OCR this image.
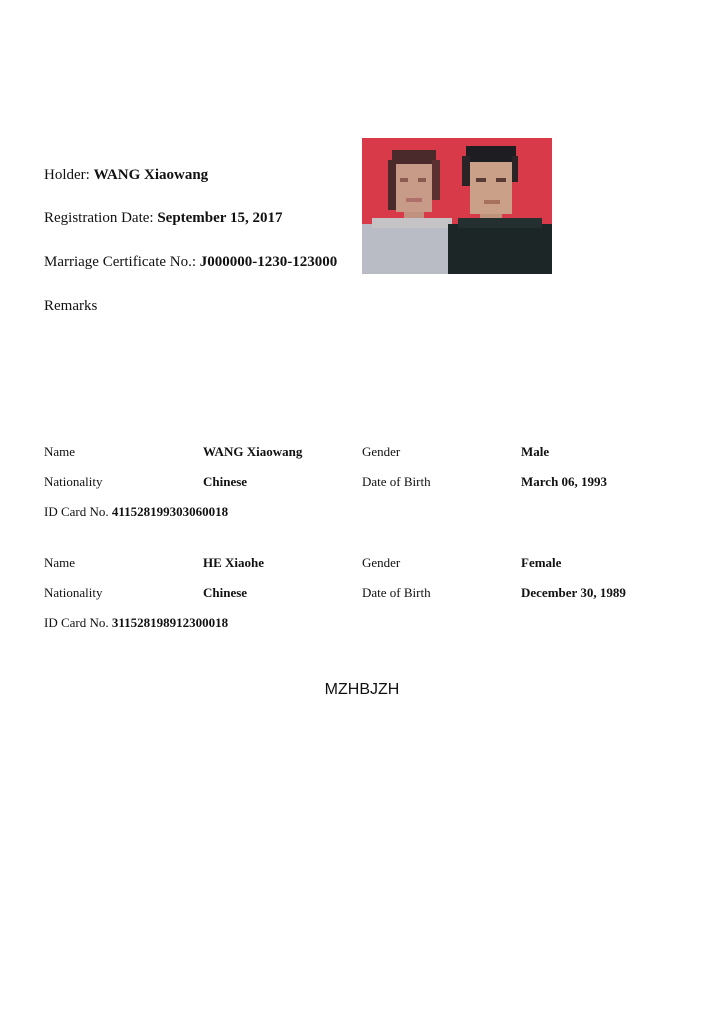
Holder: WANG Xiaowang
Registration Date: September 15, 2017
Marriage Certificate No.: J000000-1230-123000
Remarks
Name	WANG Xiaowang	Gender	Male
Nationality	Chinese	Date of Birth	March 06, 1993
ID Card No. 411528199303060018
Name	HE Xiaohe	Gender	Female
Nationality	Chinese	Date of Birth	December 30, 1989
ID Card No. 311528198912300018
MZHBJZH
